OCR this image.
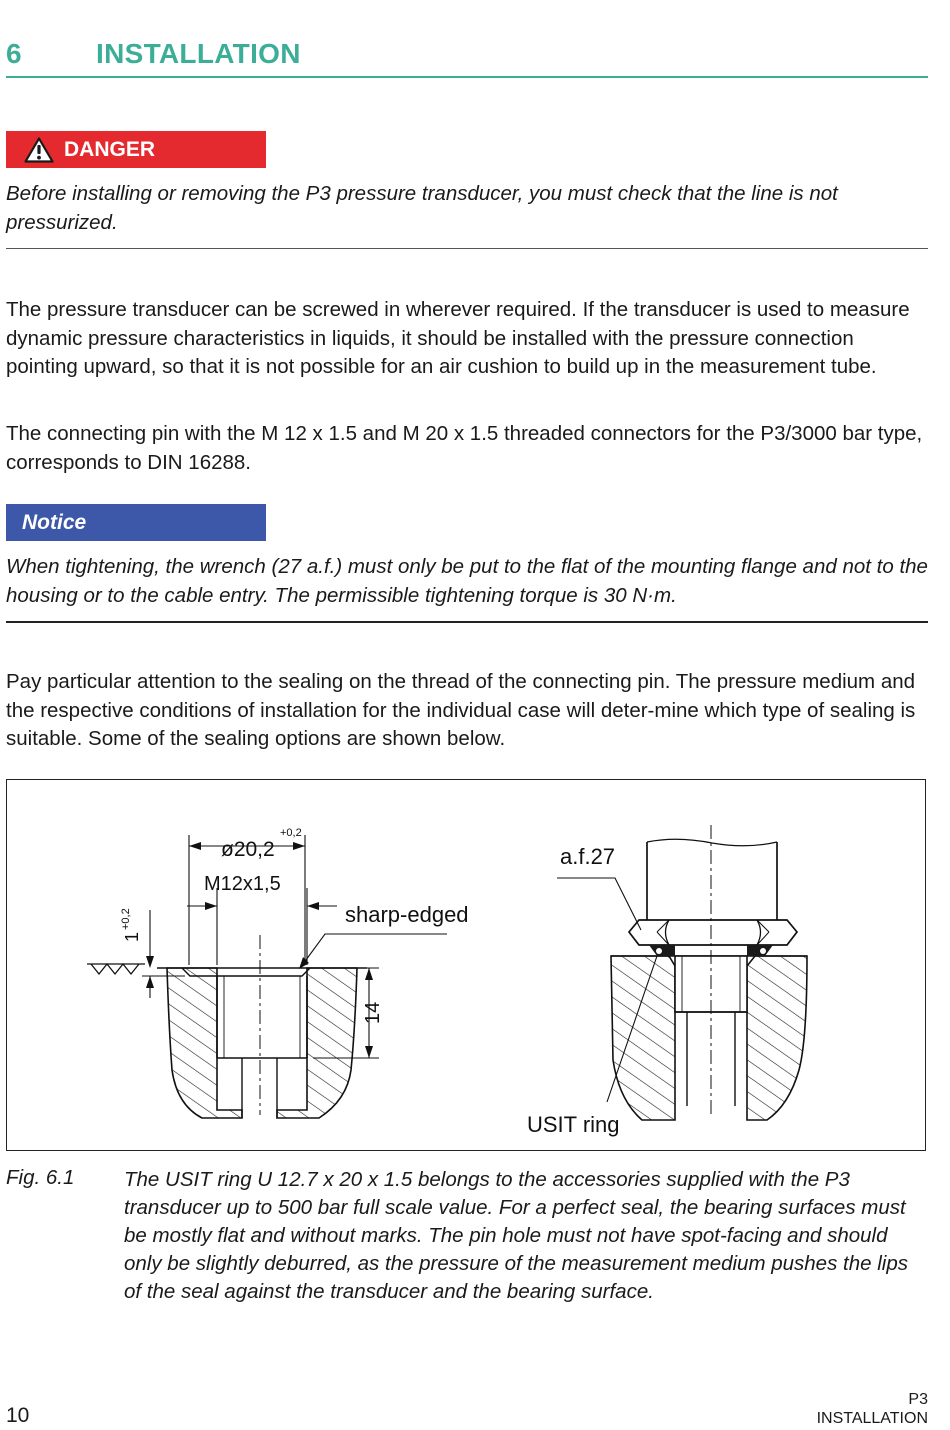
6	INSTALLATION
DANGER
Before installing or removing the P3 pressure transducer, you must check that the line is not pressurized.
The pressure transducer can be screwed in wherever required. If the transducer is used to measure dynamic pressure characteristics in liquids, it should be installed with the pressure connection pointing upward, so that it is not possible for an air cushion to build up in the measurement tube.
The connecting pin with the M 12 x 1.5 and M 20 x 1.5 threaded connectors for the P3/3000 bar type, corresponds to DIN 16288.
Notice
When tightening, the wrench (27 a.f.) must only be put to the flat of the mounting flange and not to the housing or to the cable entry. The permissible tightening torque is 30 N·m.
Pay particular attention to the sealing on the thread of the connecting pin. The pressure medium and the respective conditions of installation for the individual case will deter-mine which type of sealing is suitable. Some of the sealing options are shown below.
ø20,2
+0,2
M12x1,5
1
+0,2
14
sharp-edged
a.f.27
USIT ring
Fig. 6.1 The USIT ring U 12.7 x 20 x 1.5 belongs to the accessories supplied with the P3 transducer up to 500 bar full scale value. For a perfect seal, the bearing surfaces must be mostly flat and without marks. The pin hole must not have spot-facing and should only be slightly deburred, as the pressure of the measurement medium pushes the lips of the seal against the transducer and the bearing surface.
10
P3
INSTALLATION
